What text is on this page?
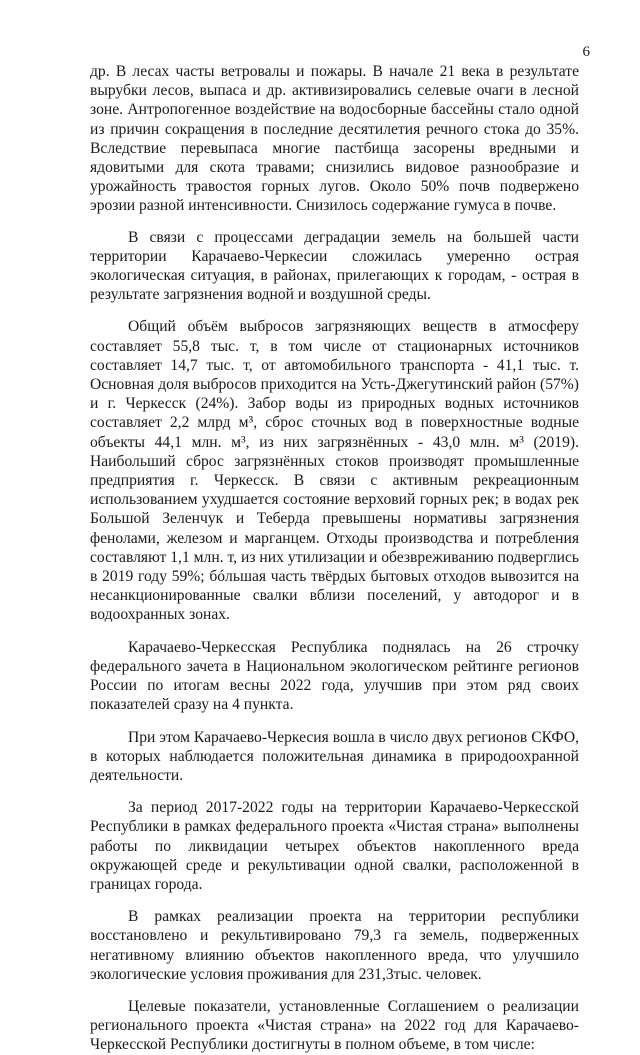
6

др. В лесах часты ветровалы и пожары. В начале 21 века в результате вырубки лесов, выпаса и др. активизировались селевые очаги в лесной зоне. Антропогенное воздействие на водосборные бассейны стало одной из причин сокращения в последние десятилетия речного стока до 35%. Вследствие перевыпаса многие пастбища засорены вредными и ядовитыми для скота травами; снизились видовое разнообразие и урожайность травостоя горных лугов. Около 50% почв подвержено эрозии разной интенсивности. Снизилось содержание гумуса в почве.

В связи с процессами деградации земель на большей части территории Карачаево-Черкесии сложилась умеренно острая экологическая ситуация, в районах, прилегающих к городам, - острая в результате загрязнения водной и воздушной среды.

Общий объём выбросов загрязняющих веществ в атмосферу составляет 55,8 тыс. т, в том числе от стационарных источников составляет 14,7 тыс. т, от автомобильного транспорта - 41,1 тыс. т. Основная доля выбросов приходится на Усть-Джегутинский район (57%) и г. Черкесск (24%). Забор воды из природных водных источников составляет 2,2 млрд м³, сброс сточных вод в поверхностные водные объекты 44,1 млн. м³, из них загрязнённых - 43,0 млн. м³ (2019). Наибольший сброс загрязнённых стоков производят промышленные предприятия г. Черкесск. В связи с активным рекреационным использованием ухудшается состояние верховий горных рек; в водах рек Большой Зеленчук и Теберда превышены нормативы загрязнения фенолами, железом и марганцем. Отходы производства и потребления составляют 1,1 млн. т, из них утилизации и обезвреживанию подверглись в 2019 году 59%; бóльшая часть твёрдых бытовых отходов вывозится на несанкционированные свалки вблизи поселений, у автодорог и в водоохранных зонах.

Карачаево-Черкесская Республика поднялась на 26 строчку федерального зачета в Национальном экологическом рейтинге регионов России по итогам весны 2022 года, улучшив при этом ряд своих показателей сразу на 4 пункта.

При этом Карачаево-Черкесия вошла в число двух регионов СКФО, в которых наблюдается положительная динамика в природоохранной деятельности.

За период 2017-2022 годы на территории Карачаево-Черкесской Республики в рамках федерального проекта «Чистая страна» выполнены работы по ликвидации четырех объектов накопленного вреда окружающей среде и рекультивации одной свалки, расположенной в границах города.

В рамках реализации проекта на территории республики восстановлено и рекультивировано 79,3 га земель, подверженных негативному влиянию объектов накопленного вреда, что улучшило экологические условия проживания для 231,3тыс. человек.

Целевые показатели, установленные Соглашением о реализации регионального проекта «Чистая страна» на 2022 год для Карачаево-Черкесской Республики достигнуты в полном объеме, в том числе:
